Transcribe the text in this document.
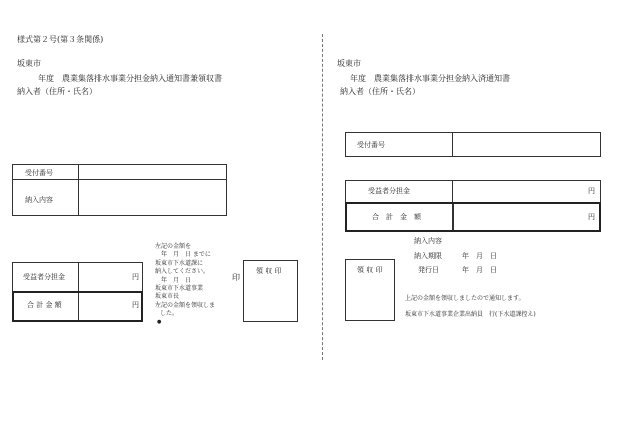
様式第２号(第３条関係)
坂東市
年度　農業集落排水事業分担金納入通知書兼領収書
納入者（住所・氏名）
受付番号
納入内容
受益者分担金	円
合 計 金 額	円
左記の金額を
年　月　日 までに
坂東市下水道課に
納入してください。
年　月　日
坂東市下水道事業
坂東市長
左記の金額を領収しま
した。
●
印
領 収 印
坂東市
年度　農業集落排水事業分担金納入済通知書
納入者（住所・氏名）
受付番号
受益者分担金	円
合　計　金　額	円
領 収 印
納入内容
納入期限	年　月　日
発行日	年　月　日
上記の金額を領収しましたので通知します。
坂東市下水道事業企業出納員　行(下水道課控え)
